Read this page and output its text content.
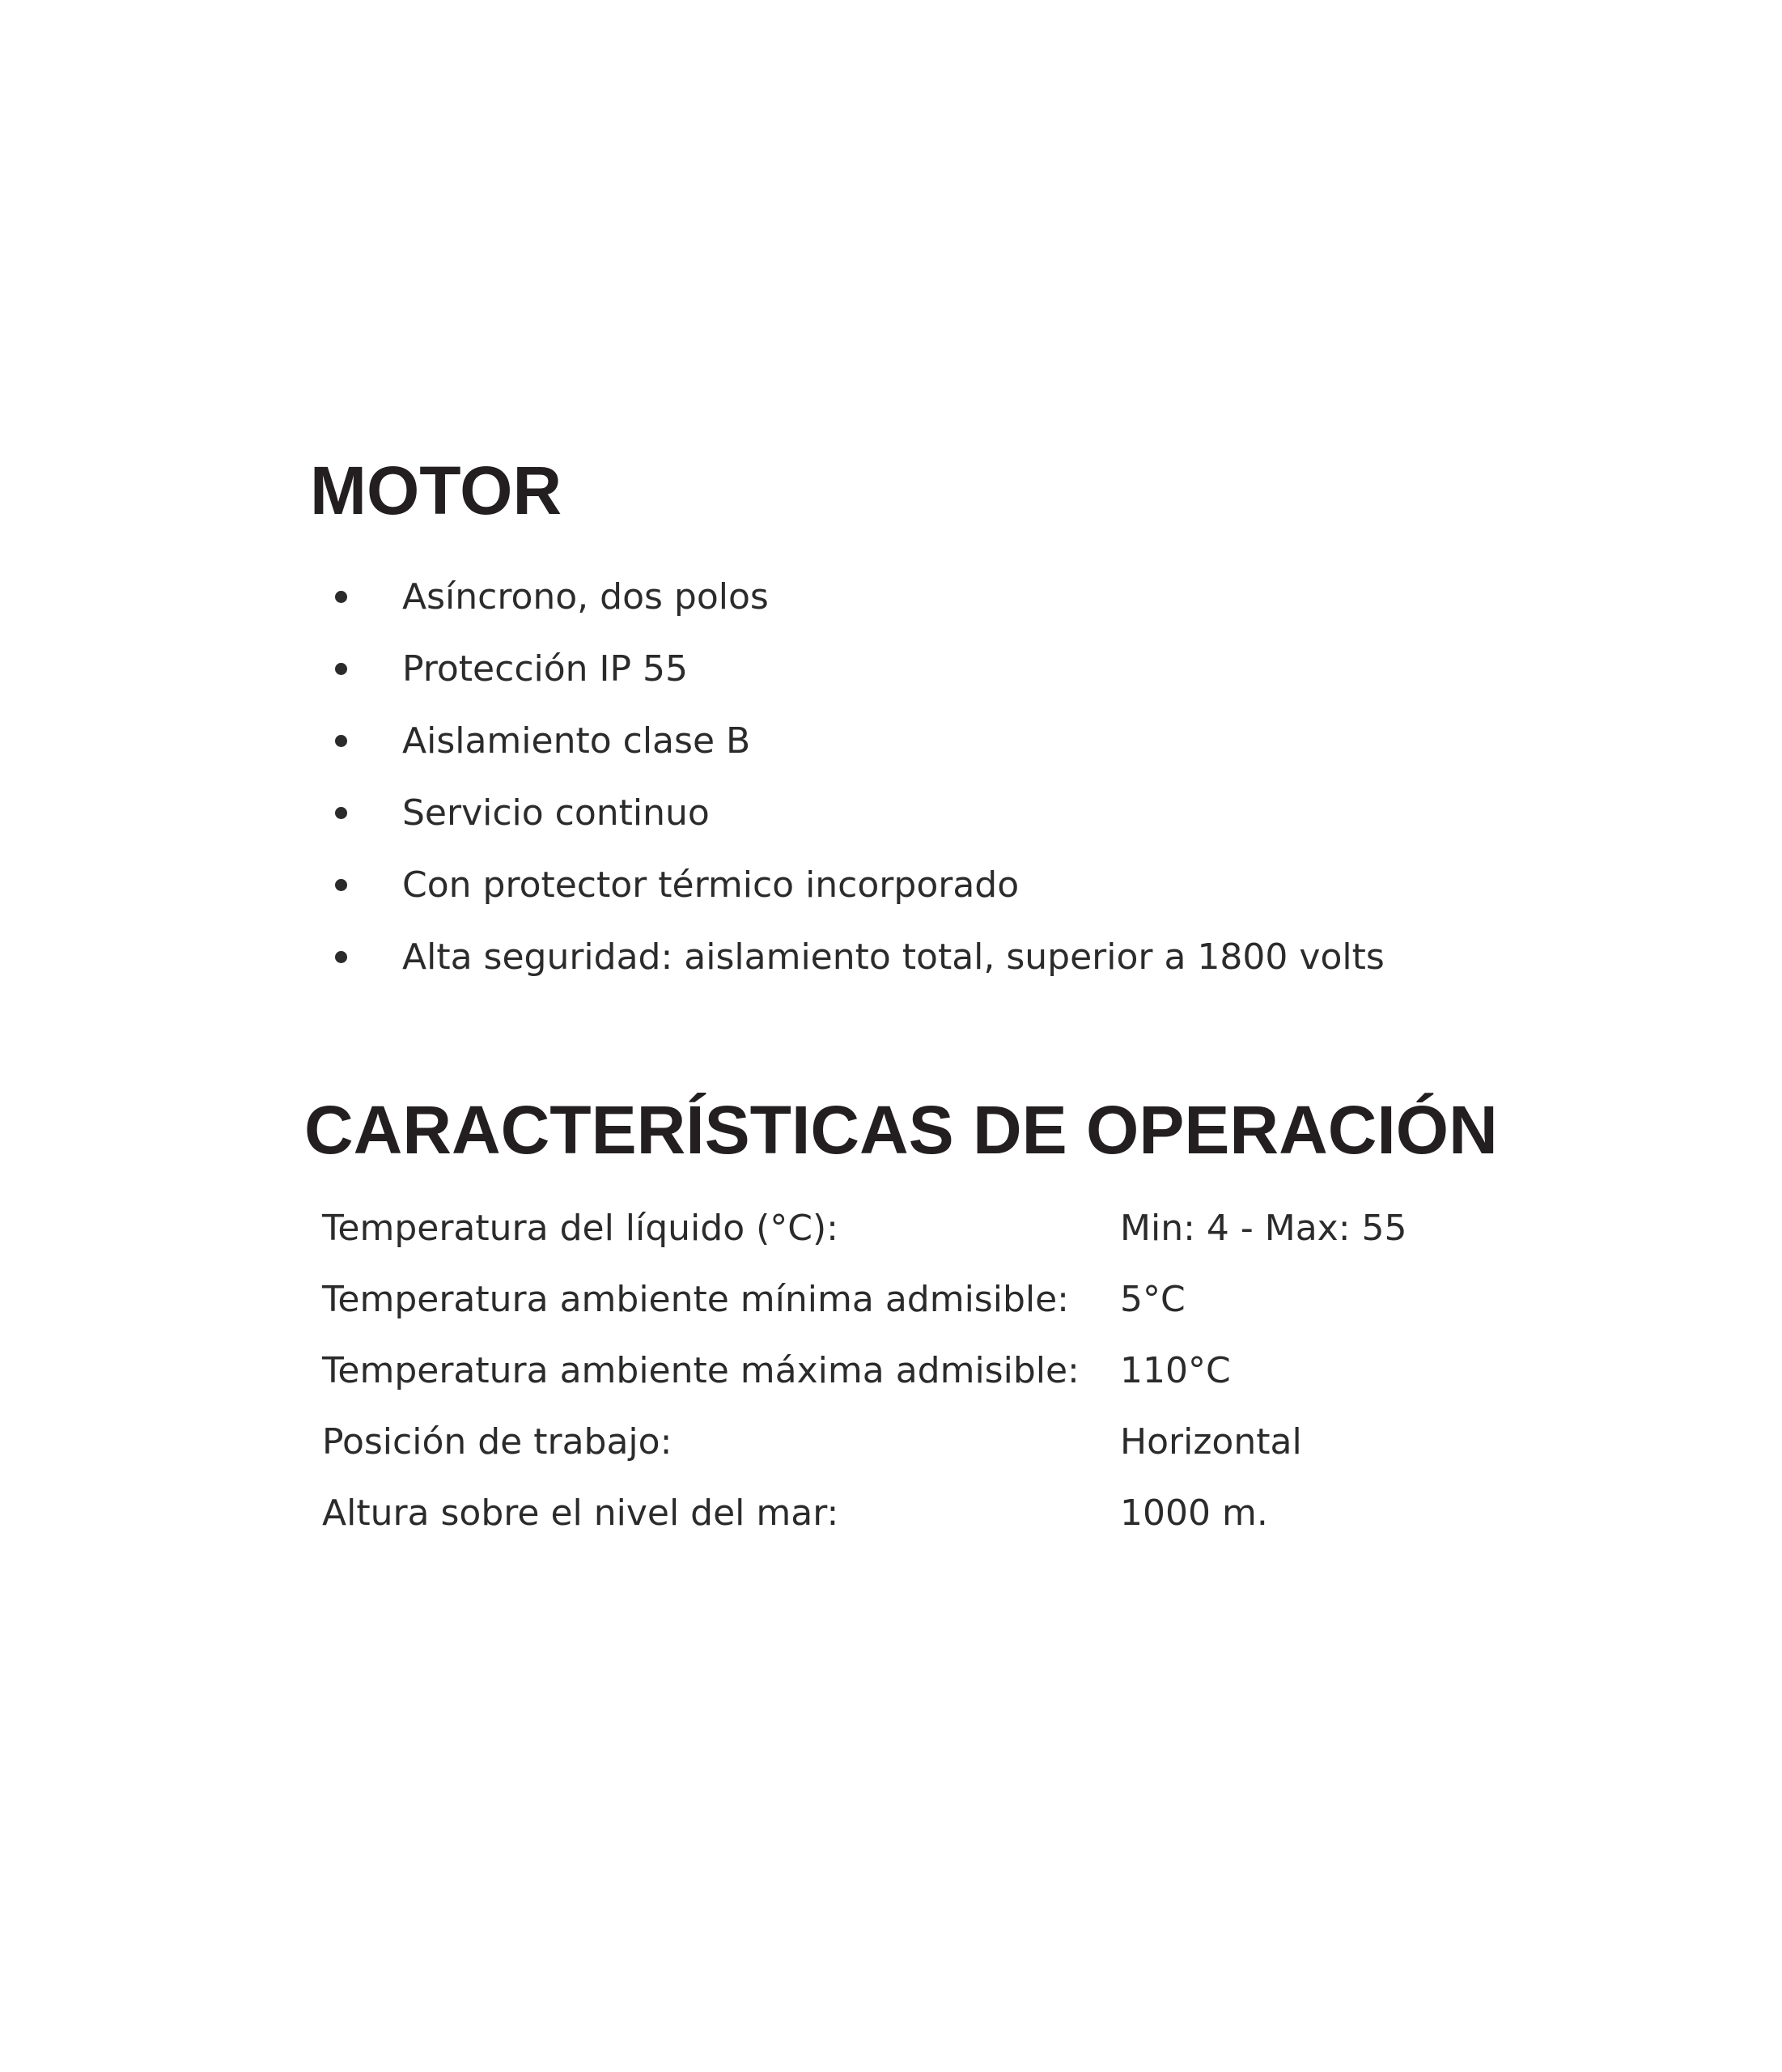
MOTOR
Asíncrono, dos polos
Protección IP 55
Aislamiento clase B
Servicio continuo
Con protector térmico incorporado
Alta seguridad: aislamiento total, superior a 1800 volts
CARACTERÍSTICAS DE OPERACIÓN
Temperatura del líquido (°C):	Min: 4 - Max: 55
Temperatura ambiente mínima admisible: 5°C
Temperatura ambiente máxima admisible: 110°C
Posición de trabajo:	Horizontal
Altura sobre el nivel del mar:	1000 m.
